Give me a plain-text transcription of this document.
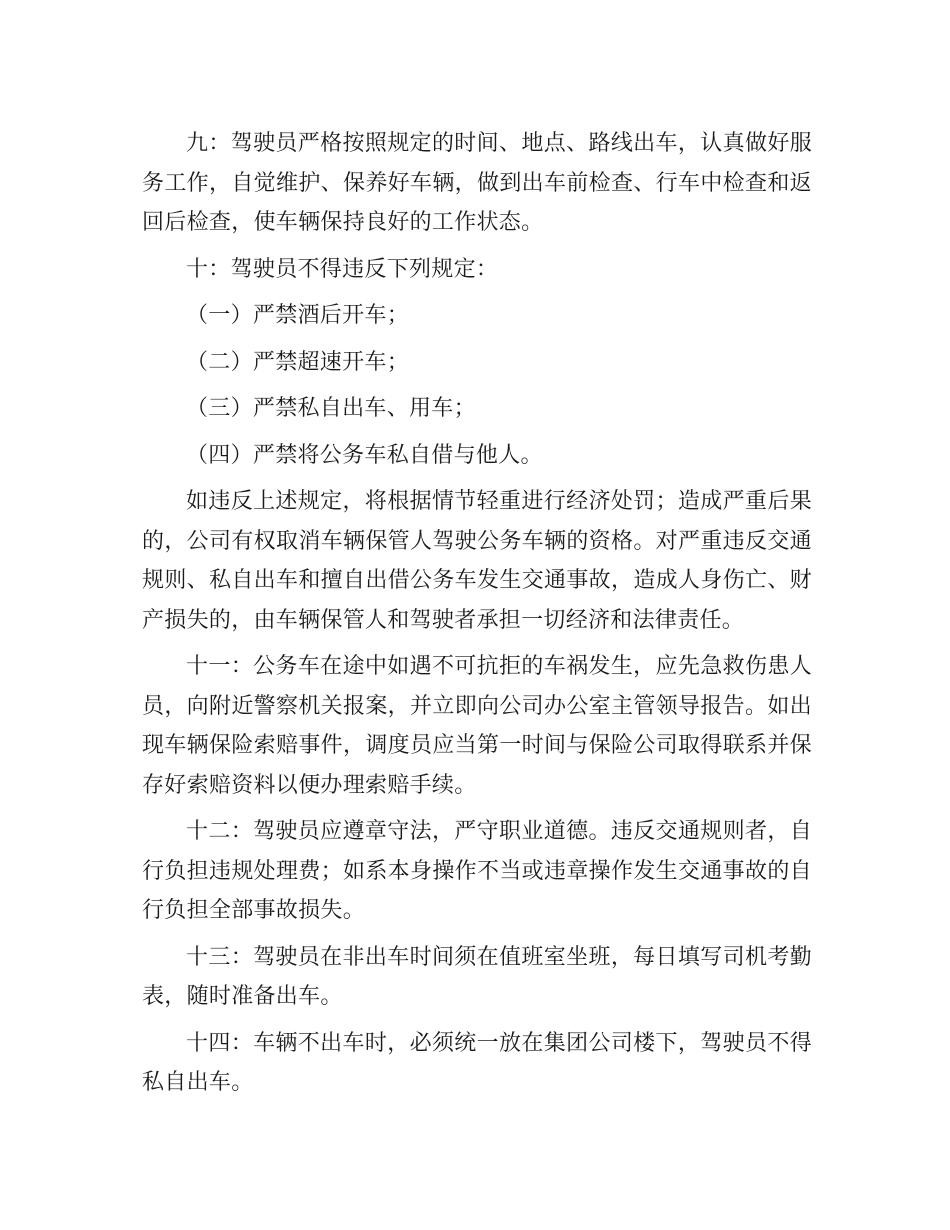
九：驾驶员严格按照规定的时间、地点、路线出车，认真做好服务工作，自觉维护、保养好车辆，做到出车前检查、行车中检查和返回后检查，使车辆保持良好的工作状态。

十：驾驶员不得违反下列规定：

（一）严禁酒后开车；

（二）严禁超速开车；

（三）严禁私自出车、用车；

（四）严禁将公务车私自借与他人。

如违反上述规定，将根据情节轻重进行经济处罚；造成严重后果的，公司有权取消车辆保管人驾驶公务车辆的资格。对严重违反交通规则、私自出车和擅自出借公务车发生交通事故，造成人身伤亡、财产损失的，由车辆保管人和驾驶者承担一切经济和法律责任。

十一：公务车在途中如遇不可抗拒的车祸发生，应先急救伤患人员，向附近警察机关报案，并立即向公司办公室主管领导报告。如出现车辆保险索赔事件，调度员应当第一时间与保险公司取得联系并保存好索赔资料以便办理索赔手续。

十二：驾驶员应遵章守法，严守职业道德。违反交通规则者，自行负担违规处理费；如系本身操作不当或违章操作发生交通事故的自行负担全部事故损失。

十三：驾驶员在非出车时间须在值班室坐班，每日填写司机考勤表，随时准备出车。

十四：车辆不出车时，必须统一放在集团公司楼下，驾驶员不得私自出车。
